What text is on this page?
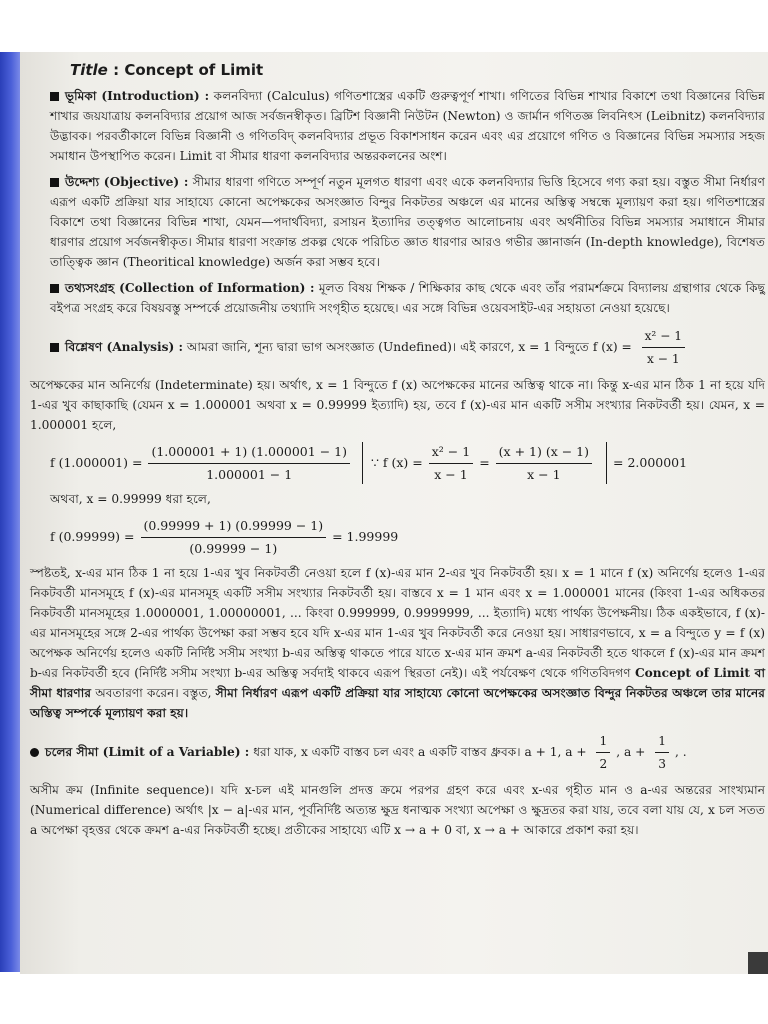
Title : Concept of Limit

ভূমিকা (Introduction) : কলনবিদ্যা (Calculus) গণিতশাস্ত্রের একটি গুরুত্বপূর্ণ শাখা। গণিতের বিভিন্ন শাখার বিকাশে তথা বিজ্ঞানের বিভিন্ন শাখার জয়যাত্রায় কলনবিদ্যার প্রয়োগ আজ সর্বজনস্বীকৃত। ব্রিটিশ বিজ্ঞানী নিউটন (Newton) ও জার্মান গণিতজ্ঞ লিবনিৎস (Leibnitz) কলনবিদ্যার উদ্ভাবক। পরবর্তীকালে বিভিন্ন বিজ্ঞানী ও গণিতবিদ্ কলনবিদ্যার প্রভূত বিকাশসাধন করেন এবং এর প্রয়োগে গণিত ও বিজ্ঞানের বিভিন্ন সমস্যার সহজ সমাধান উপস্থাপিত করেন। Limit বা সীমার ধারণা কলনবিদ্যার অন্তরকলনের অংশ।

উদ্দেশ্য (Objective) : সীমার ধারণা গণিতে সম্পূর্ণ নতুন মূলগত ধারণা এবং একে কলনবিদ্যার ভিত্তি হিসেবে গণ্য করা হয়। বস্তুত সীমা নির্ধারণ এরূপ একটি প্রক্রিয়া যার সাহায্যে কোনো অপেক্ষকের অসংজ্ঞাত বিন্দুর নিকটতর অঞ্চলে এর মানের অস্তিত্ব সম্বন্ধে মূল্যায়ণ করা হয়। গণিতশাস্ত্রের বিকাশে তথা বিজ্ঞানের বিভিন্ন শাখা, যেমন—পদার্থবিদ্যা, রসায়ন ইত্যাদির তত্ত্বগত আলোচনায় এবং অর্থনীতির বিভিন্ন সমস্যার সমাধানে সীমার ধারণার প্রয়োগ সর্বজনস্বীকৃত। সীমার ধারণা সংক্রান্ত প্রকল্প থেকে পরিচিত জ্ঞাত ধারণার আরও গভীর জ্ঞানার্জন (In-depth knowledge), বিশেষত তাত্ত্বিক জ্ঞান (Theoritical knowledge) অর্জন করা সম্ভব হবে।

তথ্যসংগ্রহ (Collection of Information) : মূলত বিষয় শিক্ষক / শিক্ষিকার কাছ থেকে এবং তাঁর পরামর্শক্রমে বিদ্যালয় গ্রন্থাগার থেকে কিছু বইপত্র সংগ্রহ করে বিষয়বস্তু সম্পর্কে প্রয়োজনীয় তথ্যাদি সংগৃহীত হয়েছে। এর সঙ্গে বিভিন্ন ওয়েবসাইট-এর সহায়তা নেওয়া হয়েছে।

বিশ্লেষণ (Analysis) : আমরা জানি, শূন্য দ্বারা ভাগ অসংজ্ঞাত (Undefined)। এই কারণে, x = 1 বিন্দুতে f $(x) = \frac{\text{x² − 1}}{x - 1}$

অপেক্ষকের মান অনির্ণেয় (Indeterminate) হয়। অর্থাৎ, x = 1 বিন্দুতে f (x) অপেক্ষকের মানের অস্তিত্ব থাকে না। কিন্তু x-এর মান ঠিক 1 না হয়ে যদি 1-এর খুব কাছাকাছি (যেমন x = 1.000001 অথবা x = 0.99999 ইত্যাদি) হয়, তবে f (x)-এর মান একটি সসীম সংখ্যার নিকটবর্তী হয়। যেমন, x = 1.000001 হলে,

f $(1.000001) = \frac{(1.000001 + 1) (1.000001 - 1)}{1.000001 - 1}$ ∵ f $(x) = \frac{\text{x² − 1}}{x - 1} = \frac{(x + 1) (x - 1)}{x - 1} = 2.000001$

অথবা, x = 0.99999 ধরা হলে,

f $(0.99999) = \frac{(0.99999 + 1) (0.99999 - 1)}{(0.99999 - 1)} = 1.99999$

স্পষ্টতই, x-এর মান ঠিক 1 না হয়ে 1-এর খুব নিকটবর্তী নেওয়া হলে f (x)-এর মান 2-এর খুব নিকটবর্তী হয়। x = 1 মানে f (x) অনির্ণেয় হলেও 1-এর নিকটবর্তী মানসমূহে f (x)-এর মানসমূহ একটি সসীম সংখ্যার নিকটবর্তী হয়। বাস্তবে x = 1 মান এবং x = 1.000001 মানের (কিংবা 1-এর অধিকতর নিকটবর্তী মানসমূহের 1.0000001, 1.00000001, ... কিংবা 0.999999, 0.9999999, ... ইত্যাদি) মধ্যে পার্থক্য উপেক্ষনীয়। ঠিক একইভাবে, f (x)-এর মানসমূহের সঙ্গে 2-এর পার্থক্য উপেক্ষা করা সম্ভব হবে যদি x-এর মান 1-এর খুব নিকটবর্তী করে নেওয়া হয়। সাধারণভাবে, x = a বিন্দুতে y = f (x) অপেক্ষক অনির্ণেয় হলেও একটি নির্দিষ্ট সসীম সংখ্যা b-এর অস্তিত্ব থাকতে পারে যাতে x-এর মান ক্রমশ a-এর নিকটবর্তী হতে থাকলে f (x)-এর মান ক্রমশ b-এর নিকটবর্তী হবে (নির্দিষ্ট সসীম সংখ্যা b-এর অস্তিত্ব সর্বদাই থাকবে এরূপ স্থিরতা নেই)। এই পর্যবেক্ষণ থেকে গণিতবিদগণ Concept of Limit বা সীমা ধারণার অবতারণা করেন। বস্তুত, সীমা নির্ধারণ এরূপ একটি প্রক্রিয়া যার সাহায্যে কোনো অপেক্ষকের অসংজ্ঞাত বিন্দুর নিকটতর অঞ্চলে তার মানের অস্তিত্ব সম্পর্কে মূল্যায়ণ করা হয়।

চলের সীমা (Limit of a Variable) : ধরা যাক, x একটি বাস্তব চল এবং a একটি বাস্তব ধ্রুবক। a + 1, $a + \frac{1}{2}$ , $a + \frac{1}{3}$ , .

অসীম ক্রম (Infinite sequence)। যদি x-চল এই মানগুলি প্রদত্ত ক্রমে পরপর গ্রহণ করে এবং x-এর গৃহীত মান ও a-এর অন্তরের সাংখ্যমান (Numerical difference) অর্থাৎ |x − a|-এর মান, পূর্বনির্দিষ্ট অত্যন্ত ক্ষুদ্র ধনাত্মক সংখ্যা অপেক্ষা ও ক্ষুদ্রতর করা যায়, তবে বলা যায় যে, x চল সতত a অপেক্ষা বৃহত্তর থেকে ক্রমশ a-এর নিকটবর্তী হচ্ছে। প্রতীকের সাহায্যে এটি x → a + 0 বা, x → a + আকারে প্রকাশ করা হয়।
